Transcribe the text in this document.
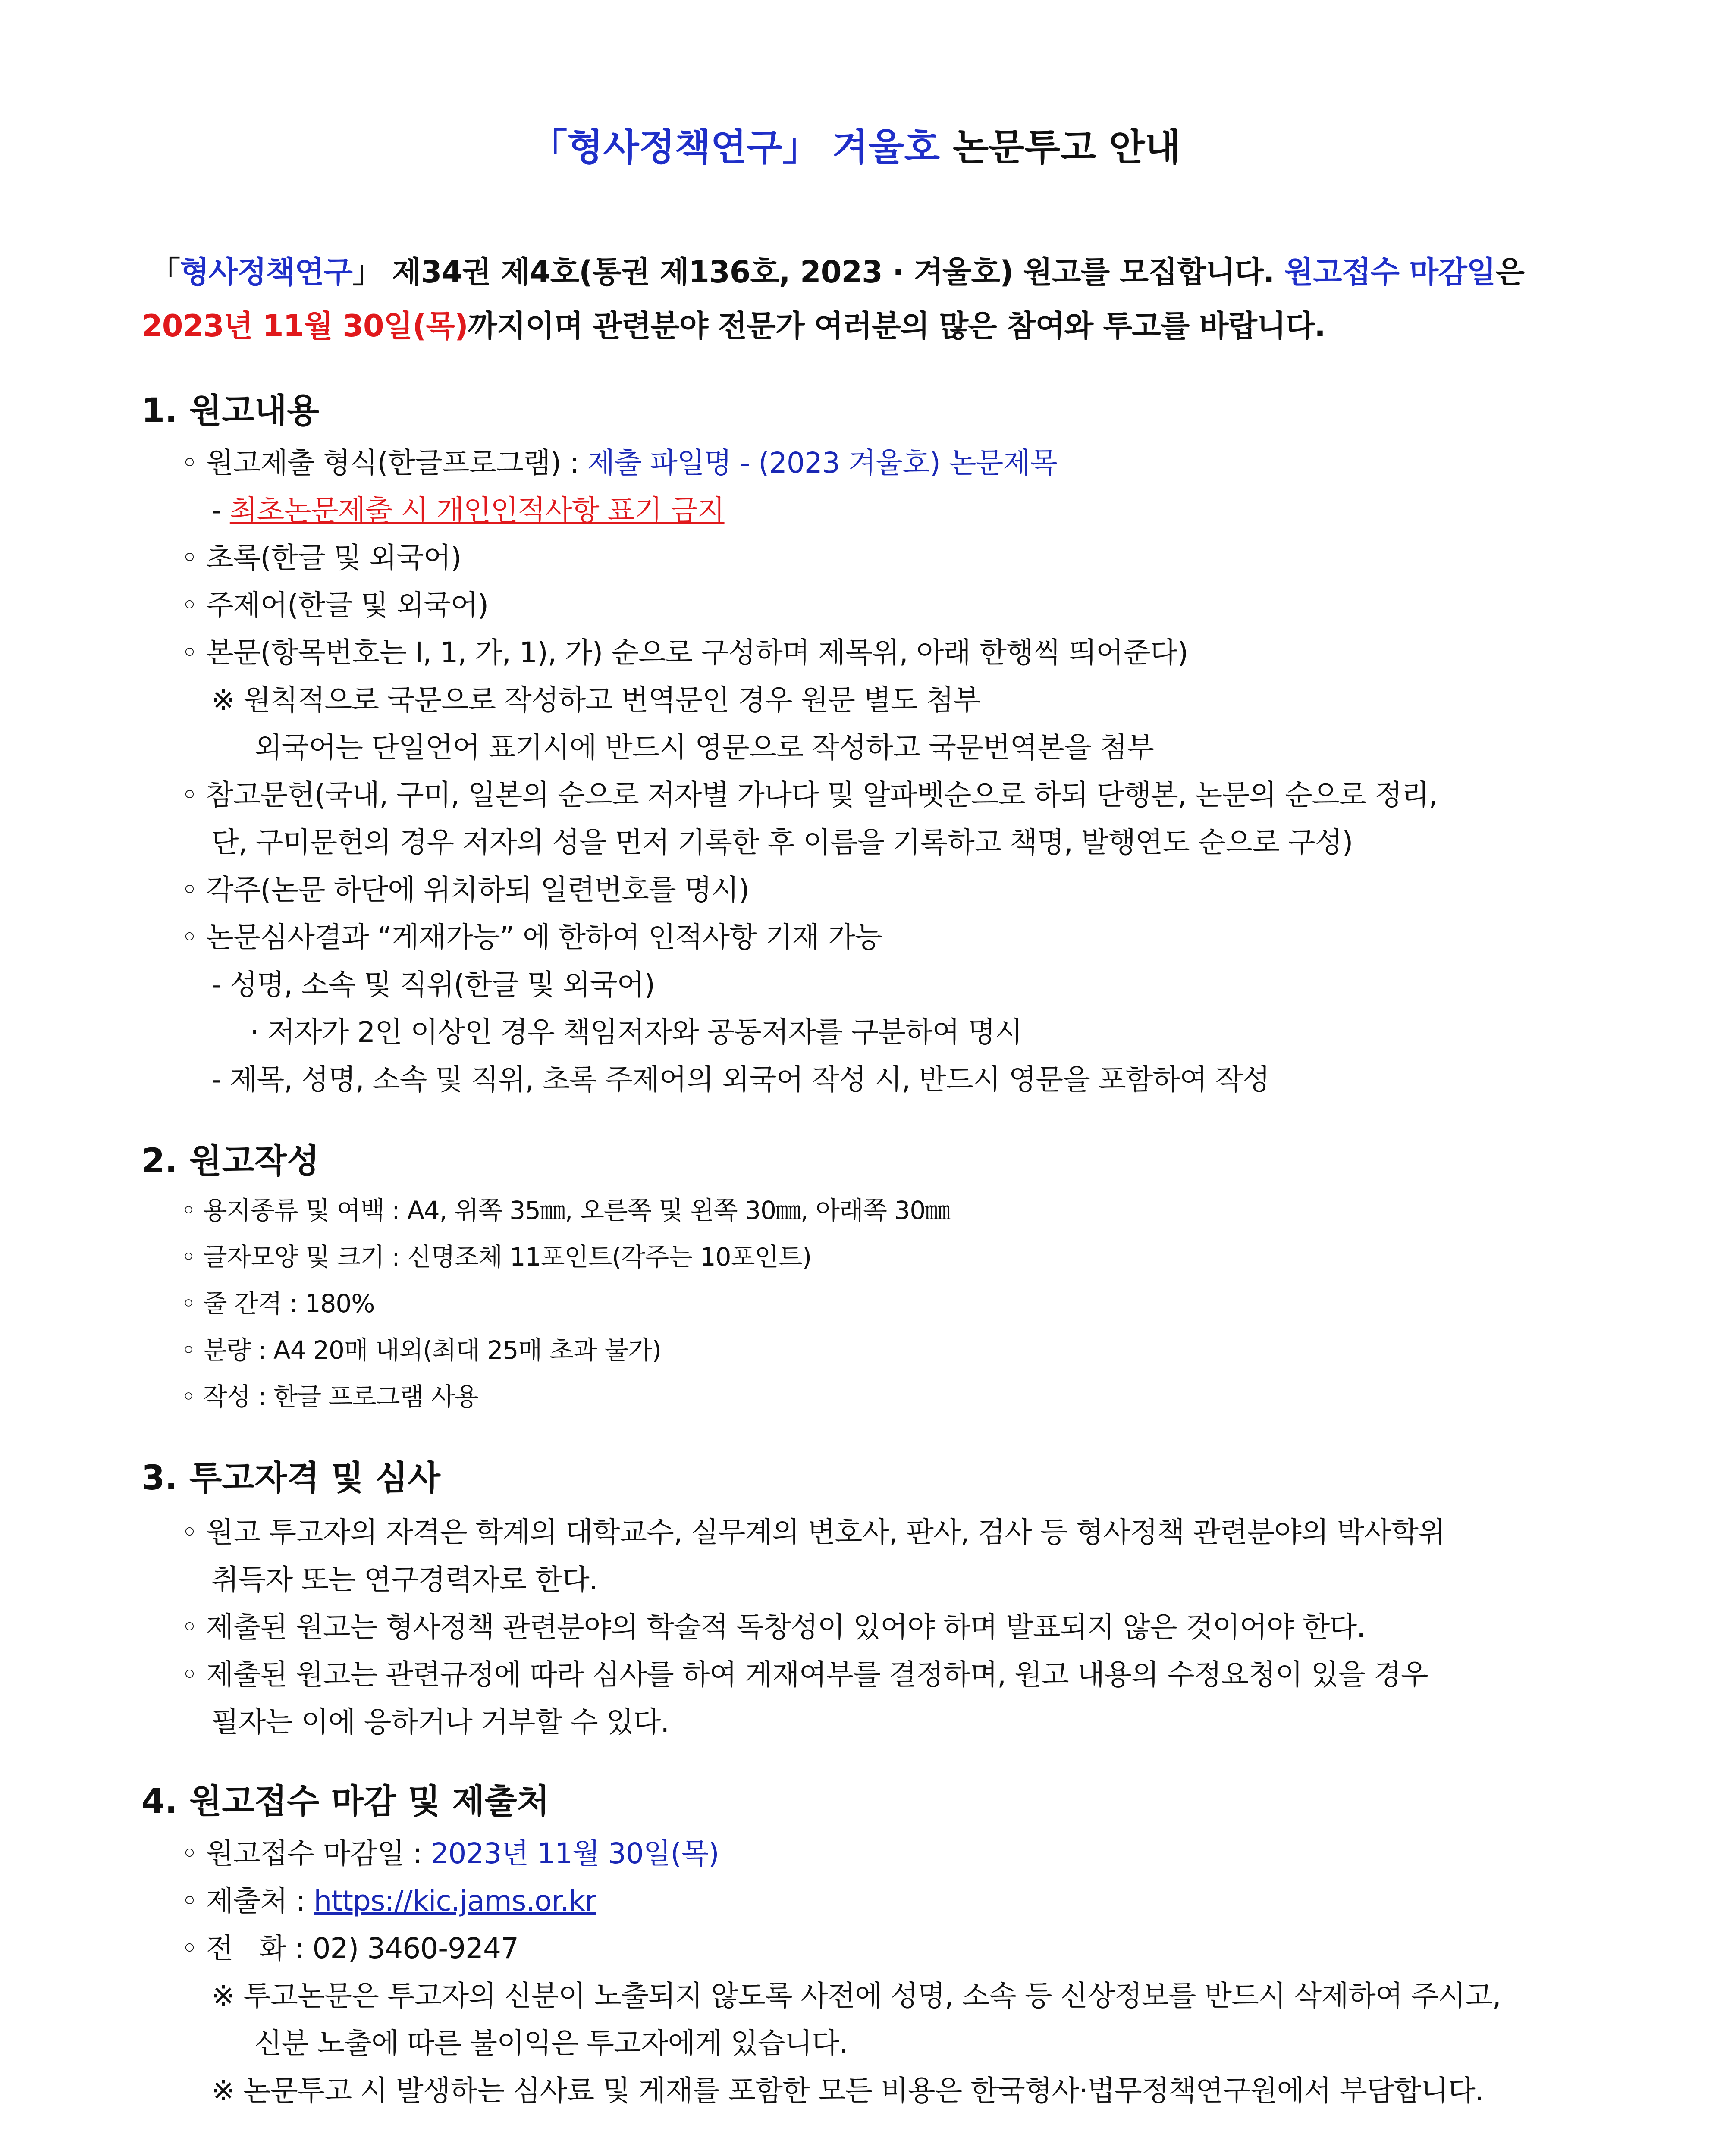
「형사정책연구」 겨울호 논문투고 안내
「형사정책연구」 제34권 제4호(통권 제136호, 2023 · 겨울호) 원고를 모집합니다. 원고접수 마감일은
2023년 11월 30일(목)까지이며 관련분야 전문가 여러분의 많은 참여와 투고를 바랍니다.
1. 원고내용
◦ 원고제출 형식(한글프로그램) : 제출 파일명 - (2023 겨울호) 논문제목
- 최초논문제출 시 개인인적사항 표기 금지
◦ 초록(한글 및 외국어)
◦ 주제어(한글 및 외국어)
◦ 본문(항목번호는 Ⅰ, 1, 가, 1), 가) 순으로 구성하며 제목위, 아래 한행씩 띄어준다)
※ 원칙적으로 국문으로 작성하고 번역문인 경우 원문 별도 첨부
외국어는 단일언어 표기시에 반드시 영문으로 작성하고 국문번역본을 첨부
◦ 참고문헌(국내, 구미, 일본의 순으로 저자별 가나다 및 알파벳순으로 하되 단행본, 논문의 순으로 정리,
단, 구미문헌의 경우 저자의 성을 먼저 기록한 후 이름을 기록하고 책명, 발행연도 순으로 구성)
◦ 각주(논문 하단에 위치하되 일련번호를 명시)
◦ 논문심사결과 “게재가능” 에 한하여 인적사항 기재 가능
- 성명, 소속 및 직위(한글 및 외국어)
· 저자가 2인 이상인 경우 책임저자와 공동저자를 구분하여 명시
- 제목, 성명, 소속 및 직위, 초록 주제어의 외국어 작성 시, 반드시 영문을 포함하여 작성
2. 원고작성
◦ 용지종류 및 여백 : A4, 위쪽 35㎜, 오른쪽 및 왼쪽 30㎜, 아래쪽 30㎜
◦ 글자모양 및 크기 : 신명조체 11포인트(각주는 10포인트)
◦ 줄 간격 : 180%
◦ 분량 : A4 20매 내외(최대 25매 초과 불가)
◦ 작성 : 한글 프로그램 사용
3. 투고자격 및 심사
◦ 원고 투고자의 자격은 학계의 대학교수, 실무계의 변호사, 판사, 검사 등 형사정책 관련분야의 박사학위
취득자 또는 연구경력자로 한다.
◦ 제출된 원고는 형사정책 관련분야의 학술적 독창성이 있어야 하며 발표되지 않은 것이어야 한다.
◦ 제출된 원고는 관련규정에 따라 심사를 하여 게재여부를 결정하며, 원고 내용의 수정요청이 있을 경우
필자는 이에 응하거나 거부할 수 있다.
4. 원고접수 마감 및 제출처
◦ 원고접수 마감일 : 2023년 11월 30일(목)
◦ 제출처 : https://kic.jams.or.kr
◦ 전   화 : 02) 3460-9247
※ 투고논문은 투고자의 신분이 노출되지 않도록 사전에 성명, 소속 등 신상정보를 반드시 삭제하여 주시고,
신분 노출에 따른 불이익은 투고자에게 있습니다.
※ 논문투고 시 발생하는 심사료 및 게재를 포함한 모든 비용은 한국형사·법무정책연구원에서 부담합니다.
